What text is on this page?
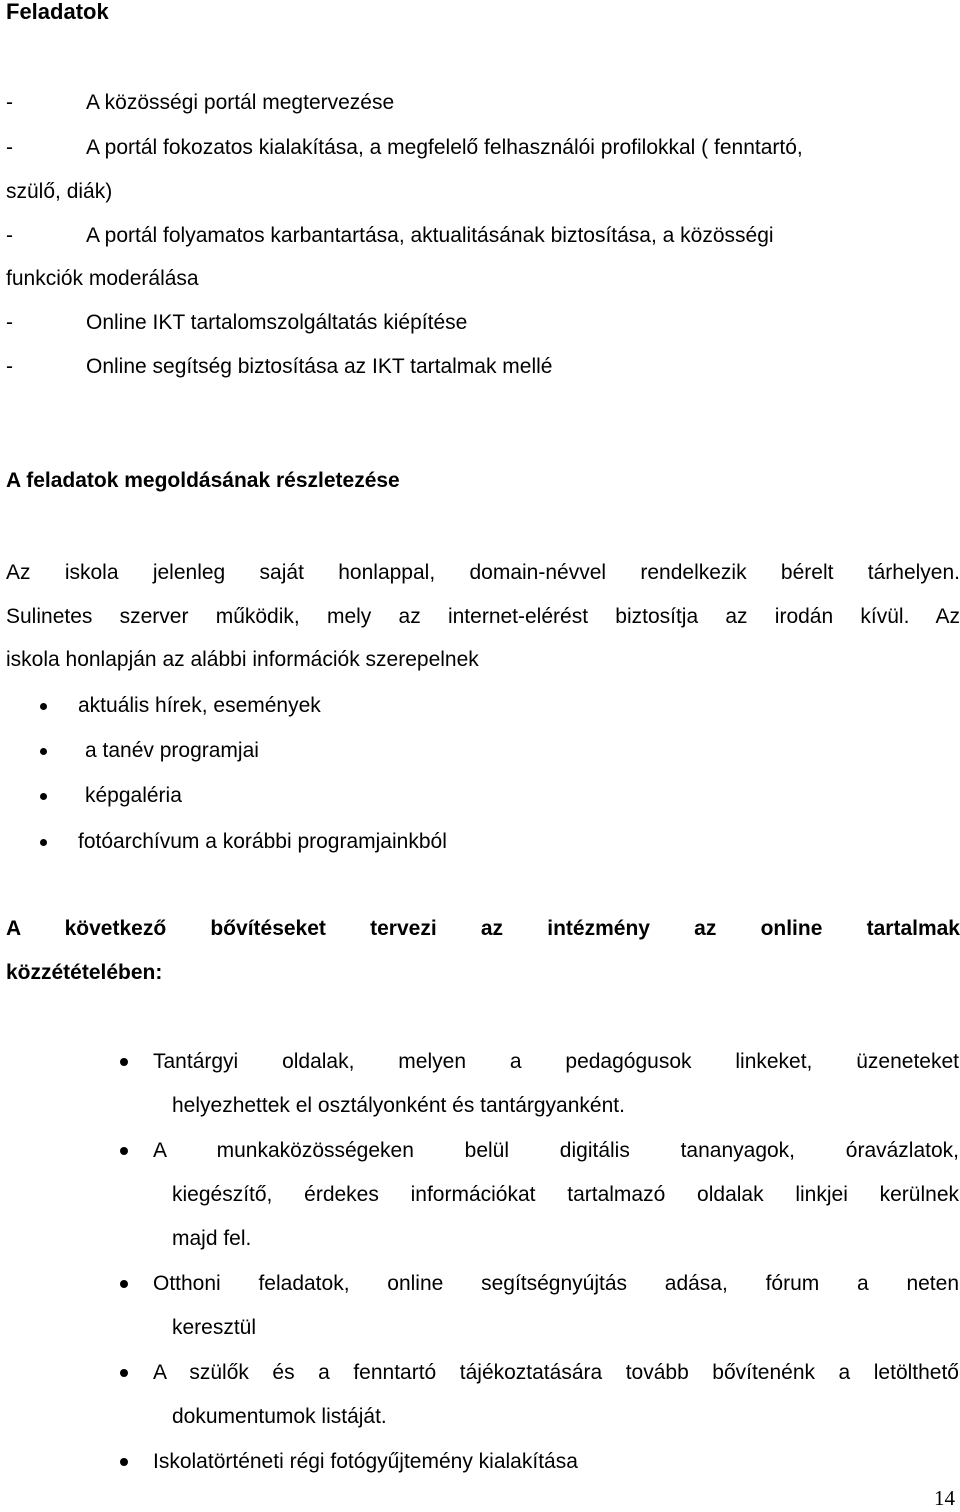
Feladatok
-	A közösségi portál megtervezése
-	A portál fokozatos kialakítása, a megfelelő felhasználói profilokkal ( fenntartó,
szülő, diák)
-	A portál folyamatos karbantartása, aktualitásának biztosítása, a közösségi
funkciók moderálása
-	Online IKT tartalomszolgáltatás kiépítése
-	Online segítség biztosítása az IKT tartalmak mellé
A feladatok megoldásának részletezése
Az iskola jelenleg saját honlappal, domain-névvel rendelkezik bérelt tárhelyen.
Sulinetes szerver működik, mely az internet-elérést biztosítja az irodán kívül. Az
iskola honlapján az alábbi információk szerepelnek
aktuális hírek, események
a tanév programjai
képgaléria
fotóarchívum a korábbi programjainkból
A következő bővítéseket tervezi az intézmény az online tartalmak
közzétételében:
Tantárgyi oldalak, melyen a pedagógusok linkeket, üzeneteket
helyezhettek el osztályonként és tantárgyanként.
A munkaközösségeken belül digitális tananyagok, óravázlatok,
kiegészítő, érdekes információkat tartalmazó oldalak linkjei kerülnek
majd fel.
Otthoni feladatok, online segítségnyújtás adása, fórum a neten
keresztül
A szülők és a fenntartó tájékoztatására tovább bővítenénk a letölthető
dokumentumok listáját.
Iskolatörténeti régi fotógyűjtemény kialakítása
14
